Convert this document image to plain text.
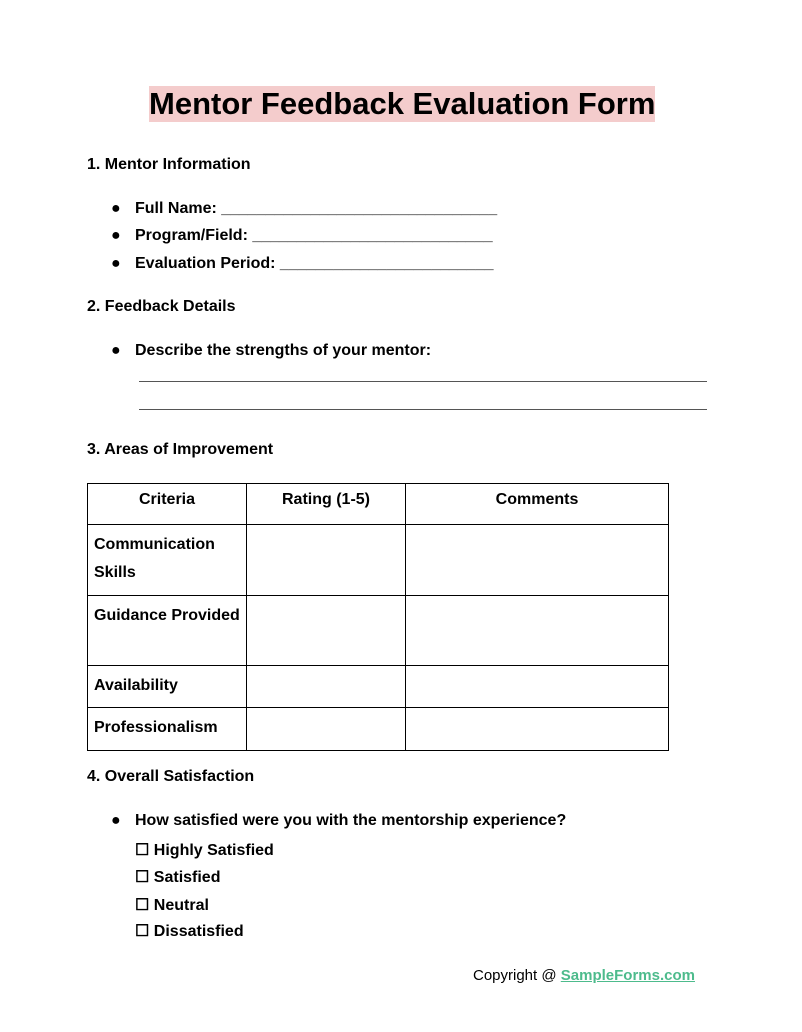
Mentor Feedback Evaluation Form
1. Mentor Information
● Full Name: _______________________________
● Program/Field: ___________________________
● Evaluation Period: ________________________
2. Feedback Details
● Describe the strengths of your mentor:
3. Areas of Improvement
Criteria	Rating (1-5)	Comments
Communication Skills		
Guidance Provided		
Availability		
Professionalism		
4. Overall Satisfaction
● How satisfied were you with the mentorship experience?
☐ Highly Satisfied
☐ Satisfied
☐ Neutral
☐ Dissatisfied
Copyright @ SampleForms.com
